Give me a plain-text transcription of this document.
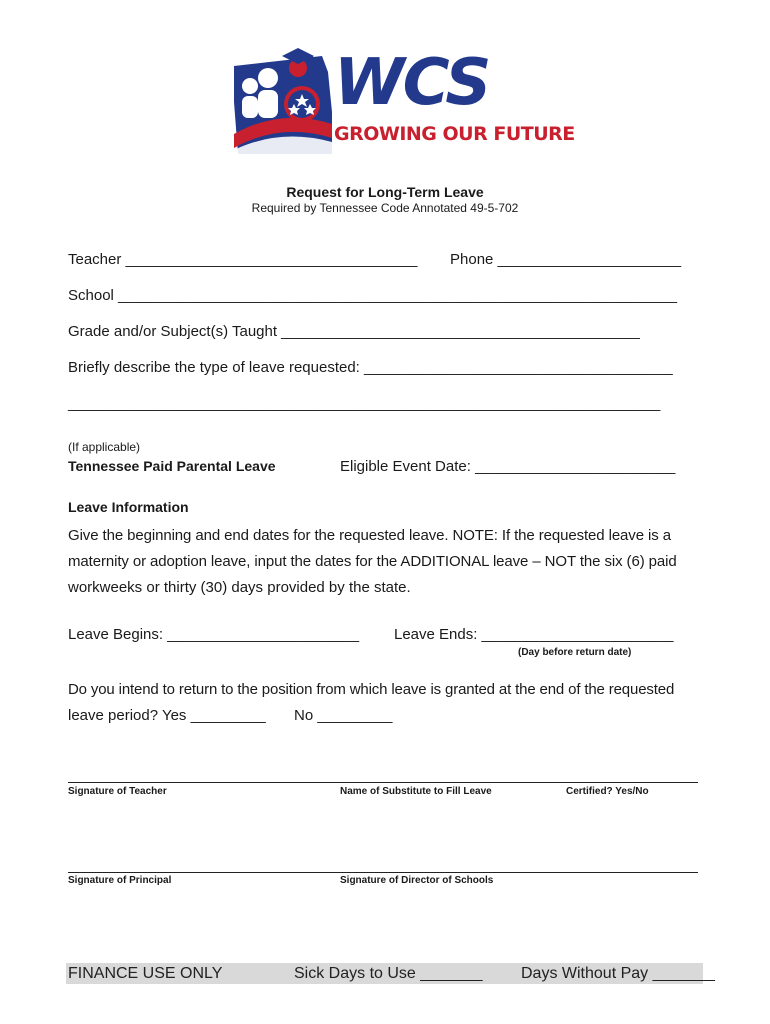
WCS
GROWING OUR FUTURE
Request for Long-Term Leave
Required by Tennessee Code Annotated 49-5-702
Teacher ___________________________________ Phone ______________________
School ___________________________________________________________________
Grade and/or Subject(s) Taught ___________________________________________
Briefly describe the type of leave requested: _____________________________________
_______________________________________________________________________
(If applicable)
Tennessee Paid Parental Leave	Eligible Event Date: ________________________
Leave Information
Give the beginning and end dates for the requested leave. NOTE: If the requested leave is a
maternity or adoption leave, input the dates for the ADDITIONAL leave – NOT the six (6) paid
workweeks or thirty (30) days provided by the state.
Leave Begins: _______________________ Leave Ends: _______________________
(Day before return date)
Do you intend to return to the position from which leave is granted at the end of the requested
leave period? Yes _________ No _________
Signature of Teacher	Name of Substitute to Fill Leave	Certified? Yes/No
Signature of Principal	Signature of Director of Schools
FINANCE USE ONLY	Sick Days to Use _______ Days Without Pay _______
